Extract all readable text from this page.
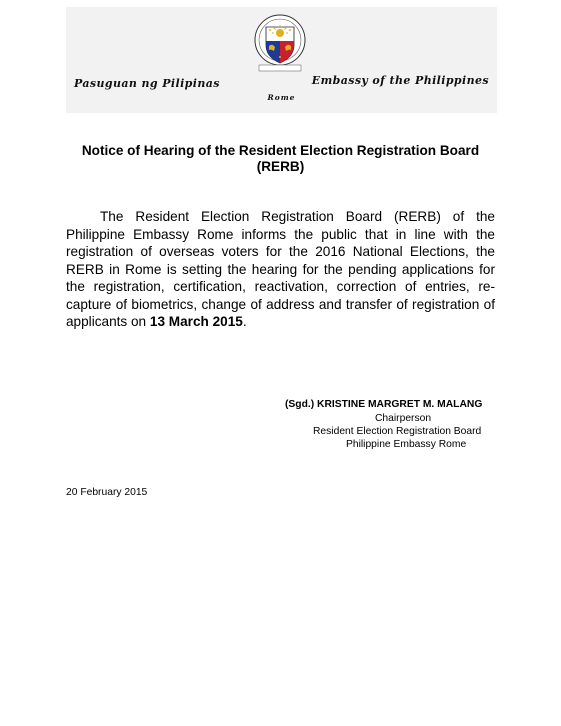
Pasuguan ng Pilipinas	Embassy of the Philippines
Rome
Notice of Hearing of the Resident Election Registration Board (RERB)

The Resident Election Registration Board (RERB) of the Philippine Embassy Rome informs the public that in line with the registration of overseas voters for the 2016 National Elections, the RERB in Rome is setting the hearing for the pending applications for the registration, certification, reactivation, correction of entries, re-capture of biometrics, change of address and transfer of registration of applicants on 13 March 2015.

(Sgd.) KRISTINE MARGRET M. MALANG
Chairperson
Resident Election Registration Board
Philippine Embassy Rome
20 February 2015
